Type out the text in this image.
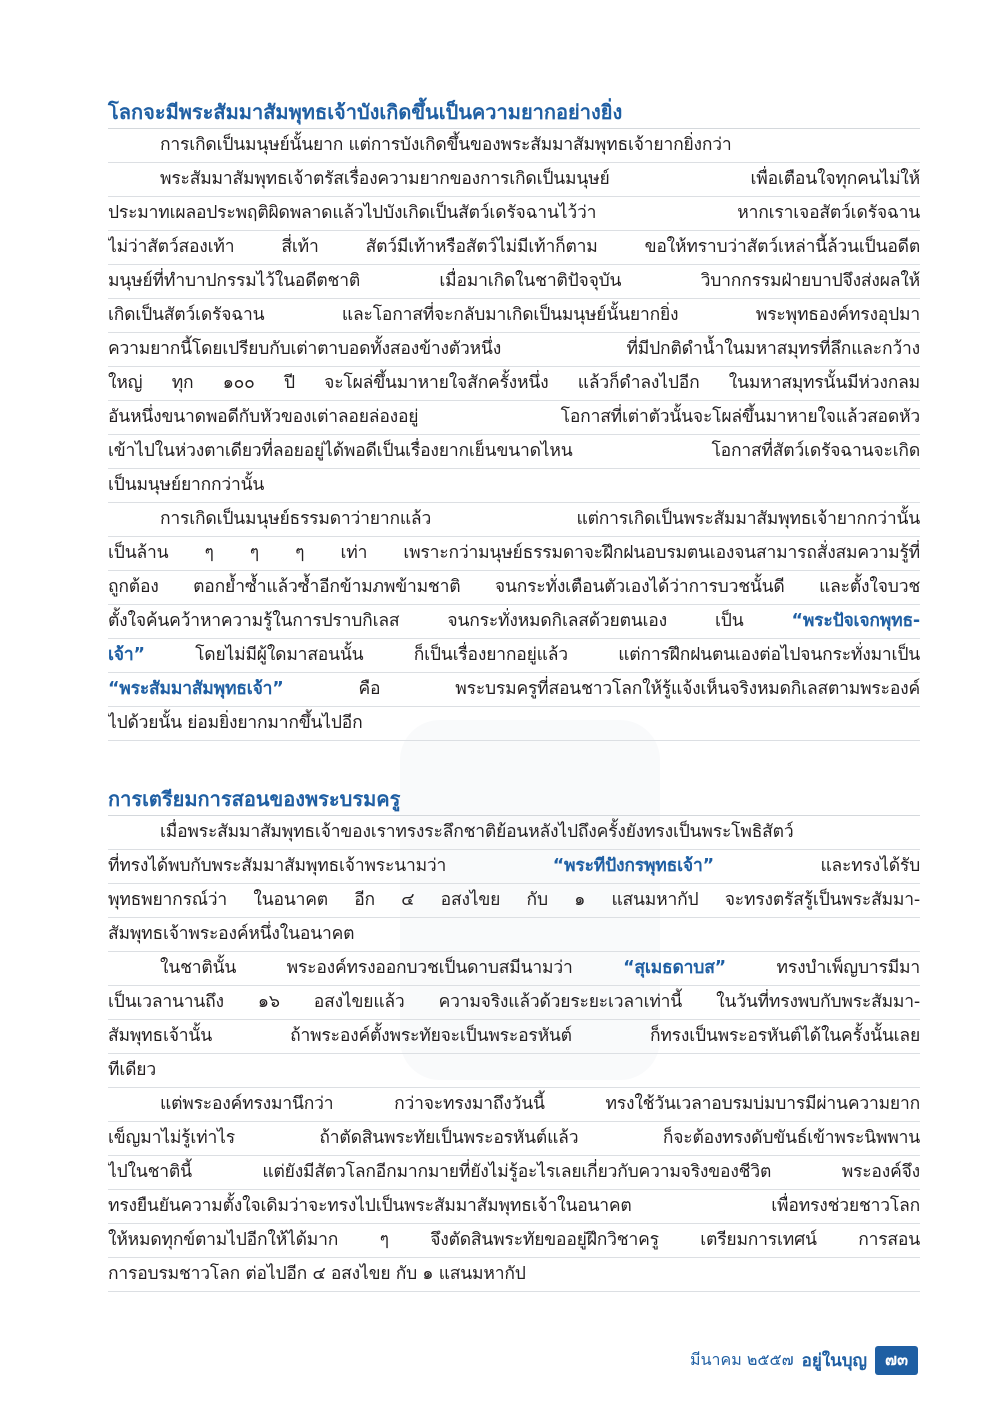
โลกจะมีพระสัมมาสัมพุทธเจ้าบังเกิดขึ้นเป็นความยากอย่างยิ่ง
การเกิดเป็นมนุษย์นั้นยาก แต่การบังเกิดขึ้นของพระสัมมาสัมพุทธเจ้ายากยิ่งกว่า
พระสัมมาสัมพุทธเจ้าตรัสเรื่องความยากของการเกิดเป็นมนุษย์ เพื่อเตือนใจทุกคนไม่ให้
ประมาทเผลอประพฤติผิดพลาดแล้วไปบังเกิดเป็นสัตว์เดรัจฉานไว้ว่า หากเราเจอสัตว์เดรัจฉาน
ไม่ว่าสัตว์สองเท้า สี่เท้า สัตว์มีเท้าหรือสัตว์ไม่มีเท้าก็ตาม ขอให้ทราบว่าสัตว์เหล่านี้ล้วนเป็นอดีต
มนุษย์ที่ทำบาปกรรมไว้ในอดีตชาติ เมื่อมาเกิดในชาติปัจจุบัน วิบากกรรมฝ่ายบาปจึงส่งผลให้
เกิดเป็นสัตว์เดรัจฉาน และโอกาสที่จะกลับมาเกิดเป็นมนุษย์นั้นยากยิ่ง พระพุทธองค์ทรงอุปมา
ความยากนี้โดยเปรียบกับเต่าตาบอดทั้งสองข้างตัวหนึ่ง ที่มีปกติดำน้ำในมหาสมุทรที่ลึกและกว้าง
ใหญ่ ทุก ๑๐๐ ปี จะโผล่ขึ้นมาหายใจสักครั้งหนึ่ง แล้วก็ดำลงไปอีก ในมหาสมุทรนั้นมีห่วงกลม
อันหนึ่งขนาดพอดีกับหัวของเต่าลอยล่องอยู่ โอกาสที่เต่าตัวนั้นจะโผล่ขึ้นมาหายใจแล้วสอดหัว
เข้าไปในห่วงตาเดียวที่ลอยอยู่ได้พอดีเป็นเรื่องยากเย็นขนาดไหน โอกาสที่สัตว์เดรัจฉานจะเกิด
เป็นมนุษย์ยากกว่านั้น
การเกิดเป็นมนุษย์ธรรมดาว่ายากแล้ว แต่การเกิดเป็นพระสัมมาสัมพุทธเจ้ายากกว่านั้น
เป็นล้าน ๆ ๆ ๆ เท่า เพราะกว่ามนุษย์ธรรมดาจะฝึกฝนอบรมตนเองจนสามารถสั่งสมความรู้ที่
ถูกต้อง ตอกย้ำซ้ำแล้วซ้ำอีกข้ามภพข้ามชาติ จนกระทั่งเตือนตัวเองได้ว่าการบวชนั้นดี และตั้งใจบวช
ตั้งใจค้นคว้าหาความรู้ในการปราบกิเลส จนกระทั่งหมดกิเลสด้วยตนเอง เป็น “พระปัจเจกพุทธ-
เจ้า” โดยไม่มีผู้ใดมาสอนนั้น ก็เป็นเรื่องยากอยู่แล้ว แต่การฝึกฝนตนเองต่อไปจนกระทั่งมาเป็น
“พระสัมมาสัมพุทธเจ้า” คือ พระบรมครูที่สอนชาวโลกให้รู้แจ้งเห็นจริงหมดกิเลสตามพระองค์
ไปด้วยนั้น ย่อมยิ่งยากมากขึ้นไปอีก
การเตรียมการสอนของพระบรมครู
เมื่อพระสัมมาสัมพุทธเจ้าของเราทรงระลึกชาติย้อนหลังไปถึงครั้งยังทรงเป็นพระโพธิสัตว์
ที่ทรงได้พบกับพระสัมมาสัมพุทธเจ้าพระนามว่า “พระทีปังกรพุทธเจ้า” และทรงได้รับ
พุทธพยากรณ์ว่า ในอนาคต อีก ๔ อสงไขย กับ ๑ แสนมหากัป จะทรงตรัสรู้เป็นพระสัมมา-
สัมพุทธเจ้าพระองค์หนึ่งในอนาคต
ในชาตินั้น พระองค์ทรงออกบวชเป็นดาบสมีนามว่า “สุเมธดาบส” ทรงบำเพ็ญบารมีมา
เป็นเวลานานถึง ๑๖ อสงไขยแล้ว ความจริงแล้วด้วยระยะเวลาเท่านี้ ในวันที่ทรงพบกับพระสัมมา-
สัมพุทธเจ้านั้น ถ้าพระองค์ตั้งพระทัยจะเป็นพระอรหันต์ ก็ทรงเป็นพระอรหันต์ได้ในครั้งนั้นเลย
ทีเดียว
แต่พระองค์ทรงมานึกว่า กว่าจะทรงมาถึงวันนี้ ทรงใช้วันเวลาอบรมบ่มบารมีผ่านความยาก
เข็ญมาไม่รู้เท่าไร ถ้าตัดสินพระทัยเป็นพระอรหันต์แล้ว ก็จะต้องทรงดับขันธ์เข้าพระนิพพาน
ไปในชาตินี้ แต่ยังมีสัตวโลกอีกมากมายที่ยังไม่รู้อะไรเลยเกี่ยวกับความจริงของชีวิต พระองค์จึง
ทรงยืนยันความตั้งใจเดิมว่าจะทรงไปเป็นพระสัมมาสัมพุทธเจ้าในอนาคต เพื่อทรงช่วยชาวโลก
ให้หมดทุกข์ตามไปอีกให้ได้มาก ๆ จึงตัดสินพระทัยขออยู่ฝึกวิชาครู เตรียมการเทศน์ การสอน
การอบรมชาวโลก ต่อไปอีก ๔ อสงไขย กับ ๑ แสนมหากัป
มีนาคม ๒๕๕๗ อยู่ในบุญ	๗๓
